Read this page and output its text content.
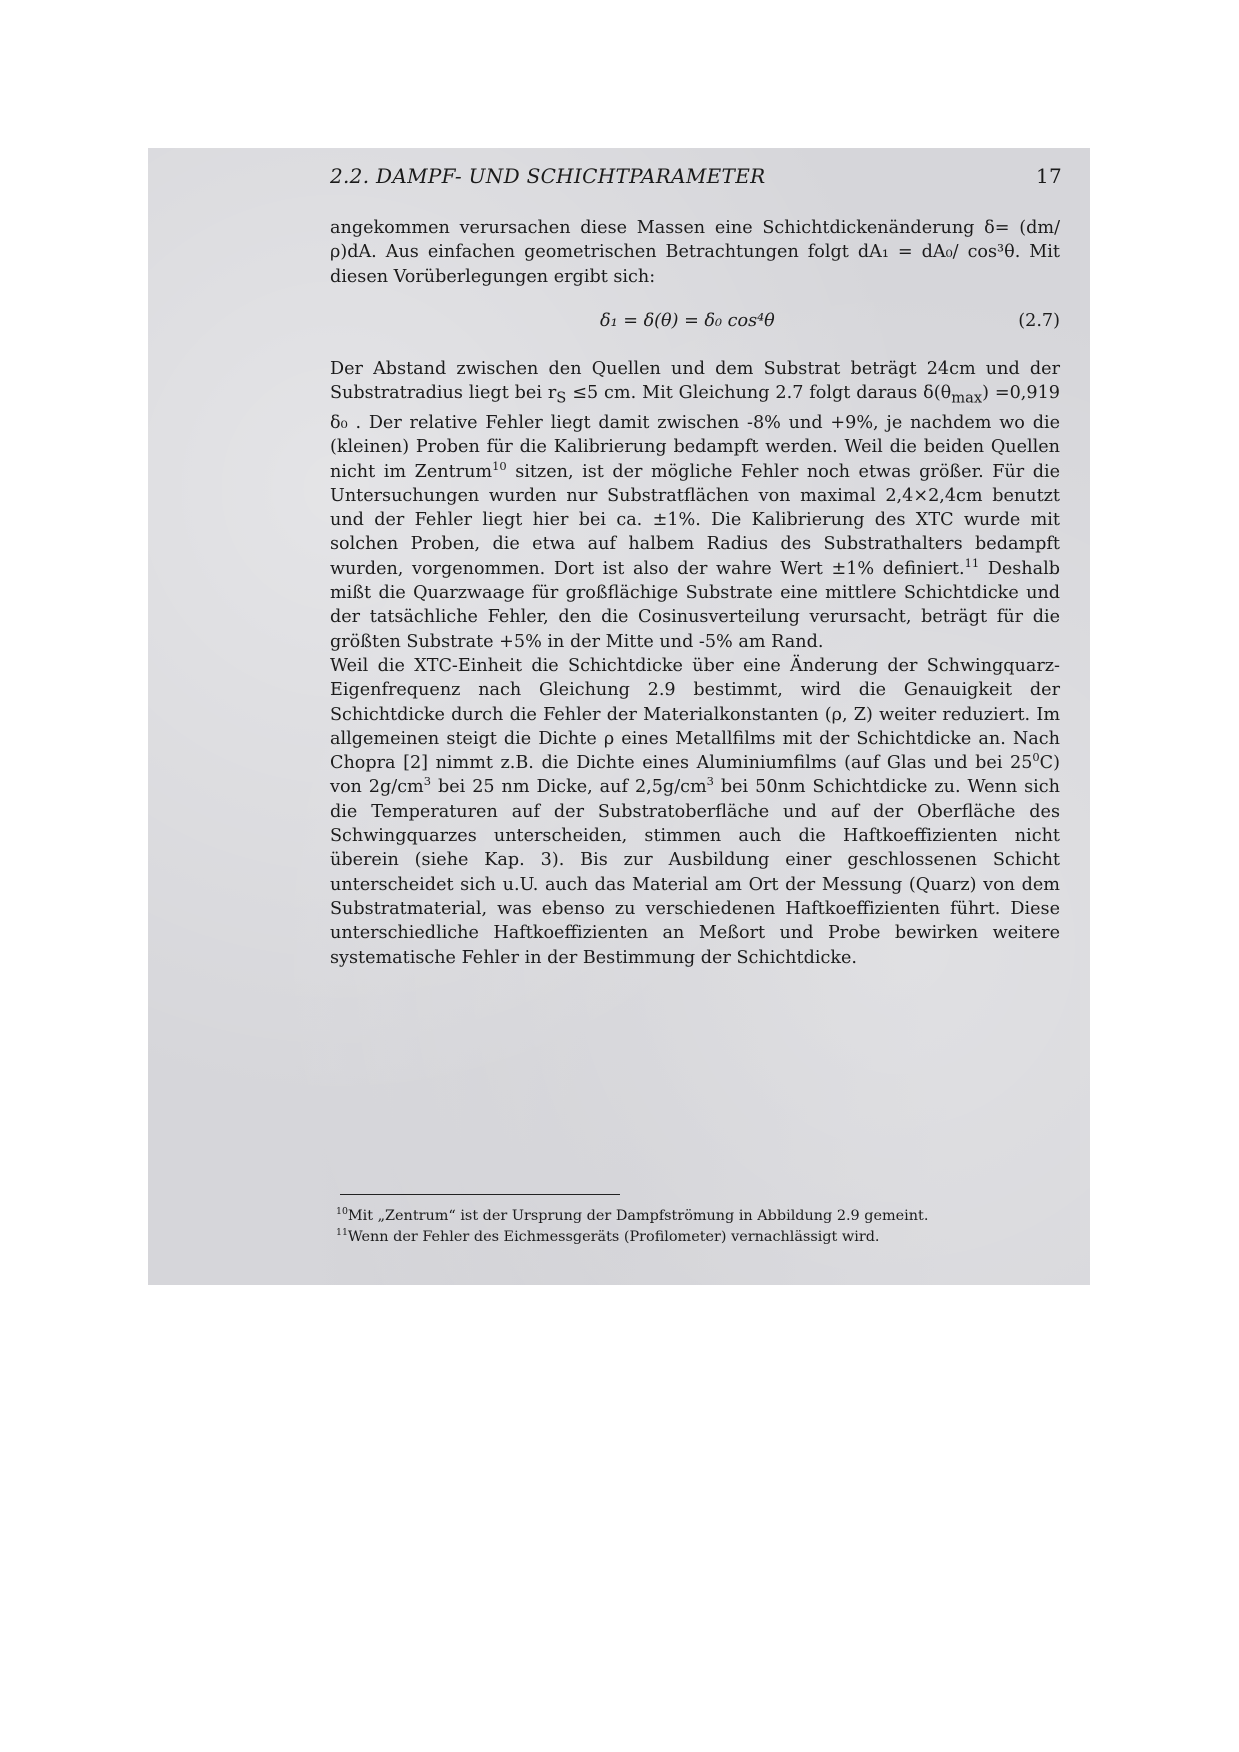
2.2. DAMPF- UND SCHICHTPARAMETER	17

angekommen verursachen diese Massen eine Schichtdickenänderung δ= (dm/ρ)dA. Aus einfachen geometrischen Betrachtungen folgt dA₁ = dA₀/ cos³θ. Mit diesen Vorüberlegungen ergibt sich:

δ₁ = δ(θ) = δ₀ cos⁴θ	(2.7)

Der Abstand zwischen den Quellen und dem Substrat beträgt 24cm und der Substratradius liegt bei $r_S \le 5$ cm. Mit Gleichung 2.7 folgt daraus $\delta(\theta_{max}) =0,919$ δ₀ . Der relative Fehler liegt damit zwischen -8% und +9%, je nachdem wo die (kleinen) Proben für die Kalibrierung bedampft werden. Weil die beiden Quellen nicht im Zentrum$^{10}$ sitzen, ist der mögliche Fehler noch etwas größer. Für die Untersuchungen wurden nur Substratflächen von maximal 2,4×2,4cm benutzt und der Fehler liegt hier bei ca. ±1%. Die Kalibrierung des XTC wurde mit solchen Proben, die etwa auf halbem Radius des Substrathalters bedampft wurden, vorgenommen. Dort ist also der wahre Wert ±1% definiert.$^{11}$ Deshalb mißt die Quarzwaage für großflächige Substrate eine mittlere Schichtdicke und der tatsächliche Fehler, den die Cosinusverteilung verursacht, beträgt für die größten Substrate +5% in der Mitte und -5% am Rand.

Weil die XTC-Einheit die Schichtdicke über eine Änderung der Schwingquarz-Eigenfrequenz nach Gleichung 2.9 bestimmt, wird die Genauigkeit der Schichtdicke durch die Fehler der Materialkonstanten (ρ, Z) weiter reduziert. Im allgemeinen steigt die Dichte ρ eines Metallfilms mit der Schichtdicke an. Nach Chopra [2] nimmt z.B. die Dichte eines Aluminiumfilms (auf Glas und bei $25^0C$) von $2g/cm^3$ bei 25 nm Dicke, auf $2,5g/cm^3$ bei 50nm Schichtdicke zu. Wenn sich die Temperaturen auf der Substratoberfläche und auf der Oberfläche des Schwingquarzes unterscheiden, stimmen auch die Haftkoeffizienten nicht überein (siehe Kap. 3). Bis zur Ausbildung einer geschlossenen Schicht unterscheidet sich u.U. auch das Material am Ort der Messung (Quarz) von dem Substratmaterial, was ebenso zu verschiedenen Haftkoeffizienten führt. Diese unterschiedliche Haftkoeffizienten an Meßort und Probe bewirken weitere systematische Fehler in der Bestimmung der Schichtdicke.

$^{10}$Mit „Zentrum“ ist der Ursprung der Dampfströmung in Abbildung 2.9 gemeint.
$^{11}$Wenn der Fehler des Eichmessgeräts (Profilometer) vernachlässigt wird.
